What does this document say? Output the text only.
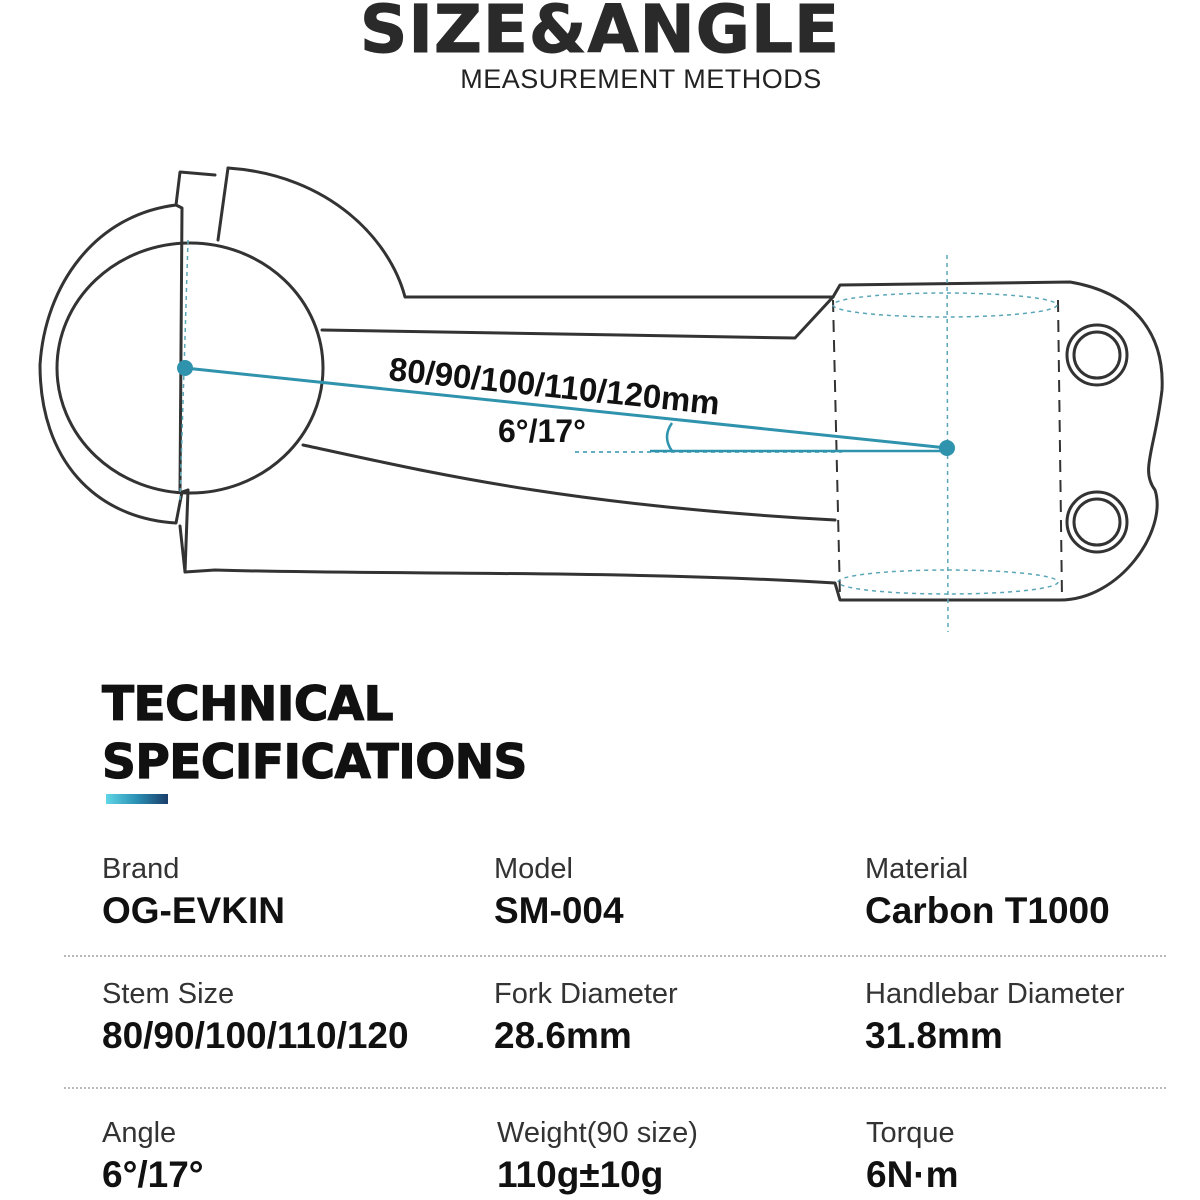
SIZE&ANGLE
MEASUREMENT METHODS
80/90/100/110/120mm
6°/17°
TECHNICAL
SPECIFICATIONS
Brand
OG-EVKIN
Model
SM-004
Material
Carbon T1000
Stem Size
80/90/100/110/120
Fork Diameter
28.6mm
Handlebar Diameter
31.8mm
Angle
6°/17°
Weight(90 size)
110g±10g
Torque
6N·m
